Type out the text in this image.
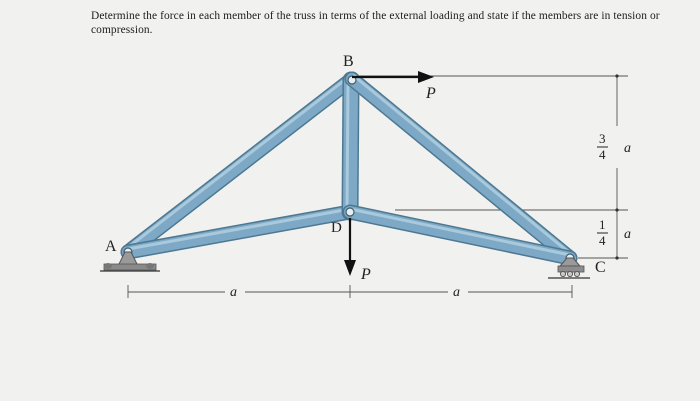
Determine the force in each member of the truss in terms of the external loading and state if the members are in tension or compression.
A
B
D
C
P
P
a	a
3
4 a
1
4 a
